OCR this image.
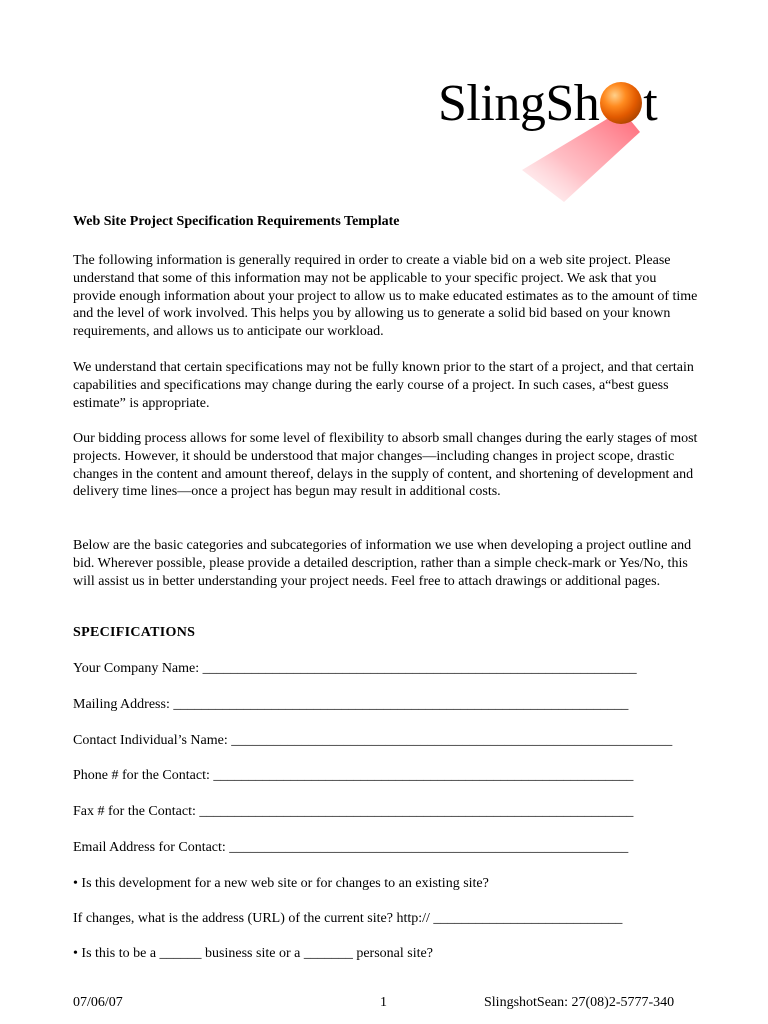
SlingSh t
Web Site Project Specification Requirements Template
The following information is generally required in order to create a viable bid on a web site project. Please understand that some of this information may not be applicable to your specific project. We ask that you provide enough information about your project to allow us to make educated estimates as to the amount of time and the level of work involved. This helps you by allowing us to generate a solid bid based on your known requirements, and allows us to anticipate our workload.
We understand that certain specifications may not be fully known prior to the start of a project, and that certain capabilities and specifications may change during the early course of a project. In such cases, a“best guess estimate” is appropriate.
Our bidding process allows for some level of flexibility to absorb small changes during the early stages of most projects. However, it should be understood that major changes—including changes in project scope, drastic changes in the content and amount thereof, delays in the supply of content, and shortening of development and delivery time lines—once a project has begun may result in additional costs.
Below are the basic categories and subcategories of information we use when developing a project outline and bid. Wherever possible, please provide a detailed description, rather than a simple check-mark or Yes/No, this will assist us in better understanding your project needs. Feel free to attach drawings or additional pages.
SPECIFICATIONS
Your Company Name: ______________________________________________________________
Mailing Address: _________________________________________________________________
Contact Individual’s Name: _______________________________________________________________
Phone # for the Contact: ____________________________________________________________
Fax # for the Contact: ______________________________________________________________
Email Address for Contact: _________________________________________________________
• Is this development for a new web site or for changes to an existing site?
If changes, what is the address (URL) of the current site? http:// ___________________________
• Is this to be a ______ business site or a _______ personal site?
07/06/07	1	SlingshotSean: 27(08)2-5777-340
